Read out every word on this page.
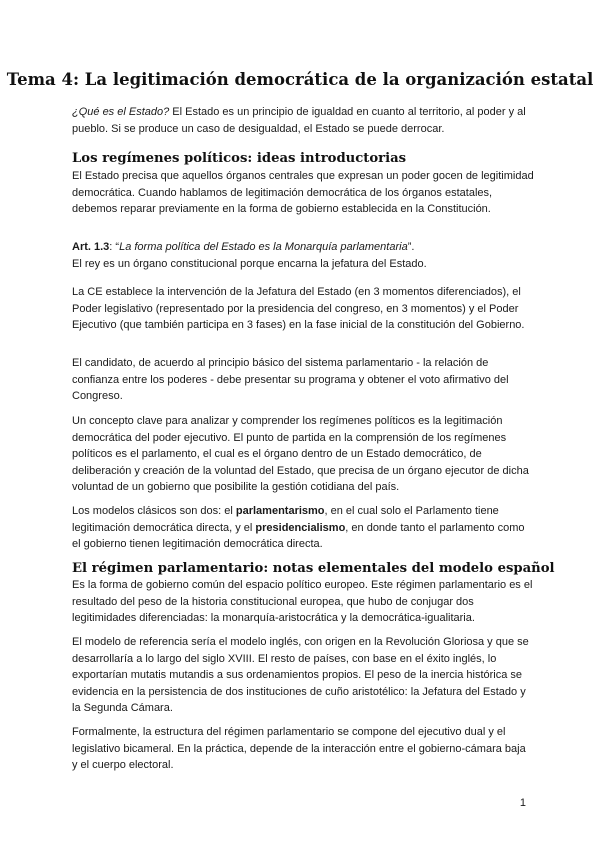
Tema 4: La legitimación democrática de la organización estatal

¿Qué es el Estado? El Estado es un principio de igualdad en cuanto al territorio, al poder y al pueblo. Si se produce un caso de desigualdad, el Estado se puede derrocar.

Los regímenes políticos: ideas introductorias

El Estado precisa que aquellos órganos centrales que expresan un poder gocen de legitimidad democrática. Cuando hablamos de legitimación democrática de los órganos estatales, debemos reparar previamente en la forma de gobierno establecida en la Constitución.

Art. 1.3: “La forma política del Estado es la Monarquía parlamentaria”.
El rey es un órgano constitucional porque encarna la jefatura del Estado.

La CE establece la intervención de la Jefatura del Estado (en 3 momentos diferenciados), el Poder legislativo (representado por la presidencia del congreso, en 3 momentos) y el Poder Ejecutivo (que también participa en 3 fases) en la fase inicial de la constitución del Gobierno.

El candidato, de acuerdo al principio básico del sistema parlamentario - la relación de confianza entre los poderes - debe presentar su programa y obtener el voto afirmativo del Congreso.

Un concepto clave para analizar y comprender los regímenes políticos es la legitimación democrática del poder ejecutivo. El punto de partida en la comprensión de los regímenes políticos es el parlamento, el cual es el órgano dentro de un Estado democrático, de deliberación y creación de la voluntad del Estado, que precisa de un órgano ejecutor de dicha voluntad de un gobierno que posibilite la gestión cotidiana del país.

Los modelos clásicos son dos: el parlamentarismo, en el cual solo el Parlamento tiene legitimación democrática directa, y el presidencialismo, en donde tanto el parlamento como el gobierno tienen legitimación democrática directa.

El régimen parlamentario: notas elementales del modelo español

Es la forma de gobierno común del espacio político europeo. Este régimen parlamentario es el resultado del peso de la historia constitucional europea, que hubo de conjugar dos legitimidades diferenciadas: la monarquía-aristocrática y la democrática-igualitaria.

El modelo de referencia sería el modelo inglés, con origen en la Revolución Gloriosa y que se desarrollaría a lo largo del siglo XVIII. El resto de países, con base en el éxito inglés, lo exportarían mutatis mutandis a sus ordenamientos propios. El peso de la inercia histórica se evidencia en la persistencia de dos instituciones de cuño aristotélico: la Jefatura del Estado y la Segunda Cámara.

Formalmente, la estructura del régimen parlamentario se compone del ejecutivo dual y el legislativo bicameral. En la práctica, depende de la interacción entre el gobierno-cámara baja y el cuerpo electoral.

1
